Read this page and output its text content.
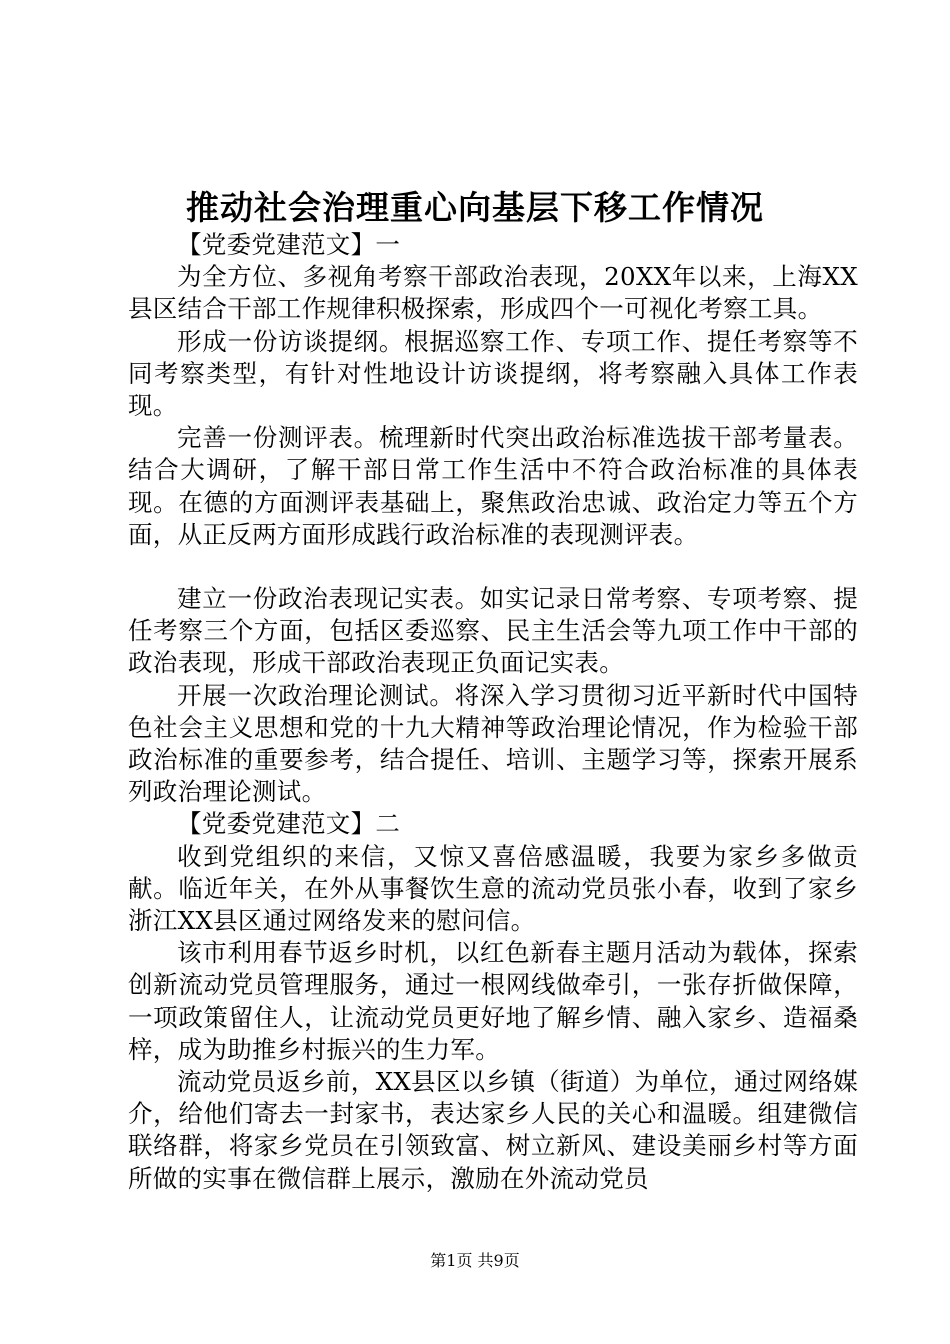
推动社会治理重心向基层下移工作情况

【党委党建范文】一

为全方位、多视角考察干部政治表现，20XX年以来，上海XX县区结合干部工作规律积极探索，形成四个一可视化考察工具。

形成一份访谈提纲。根据巡察工作、专项工作、提任考察等不同考察类型，有针对性地设计访谈提纲，将考察融入具体工作表现。

完善一份测评表。梳理新时代突出政治标准选拔干部考量表。结合大调研，了解干部日常工作生活中不符合政治标准的具体表现。在德的方面测评表基础上，聚焦政治忠诚、政治定力等五个方面，从正反两方面形成践行政治标准的表现测评表。

建立一份政治表现记实表。如实记录日常考察、专项考察、提任考察三个方面，包括区委巡察、民主生活会等九项工作中干部的政治表现，形成干部政治表现正负面记实表。

开展一次政治理论测试。将深入学习贯彻习近平新时代中国特色社会主义思想和党的十九大精神等政治理论情况，作为检验干部政治标准的重要参考，结合提任、培训、主题学习等，探索开展系列政治理论测试。

【党委党建范文】二

收到党组织的来信，又惊又喜倍感温暖，我要为家乡多做贡献。临近年关，在外从事餐饮生意的流动党员张小春，收到了家乡浙江XX县区通过网络发来的慰问信。

该市利用春节返乡时机，以红色新春主题月活动为载体，探索创新流动党员管理服务，通过一根网线做牵引，一张存折做保障，一项政策留住人，让流动党员更好地了解乡情、融入家乡、造福桑梓，成为助推乡村振兴的生力军。

流动党员返乡前，XX县区以乡镇（街道）为单位，通过网络媒介，给他们寄去一封家书，表达家乡人民的关心和温暖。组建微信联络群，将家乡党员在引领致富、树立新风、建设美丽乡村等方面所做的实事在微信群上展示，激励在外流动党员

第1页 共9页
